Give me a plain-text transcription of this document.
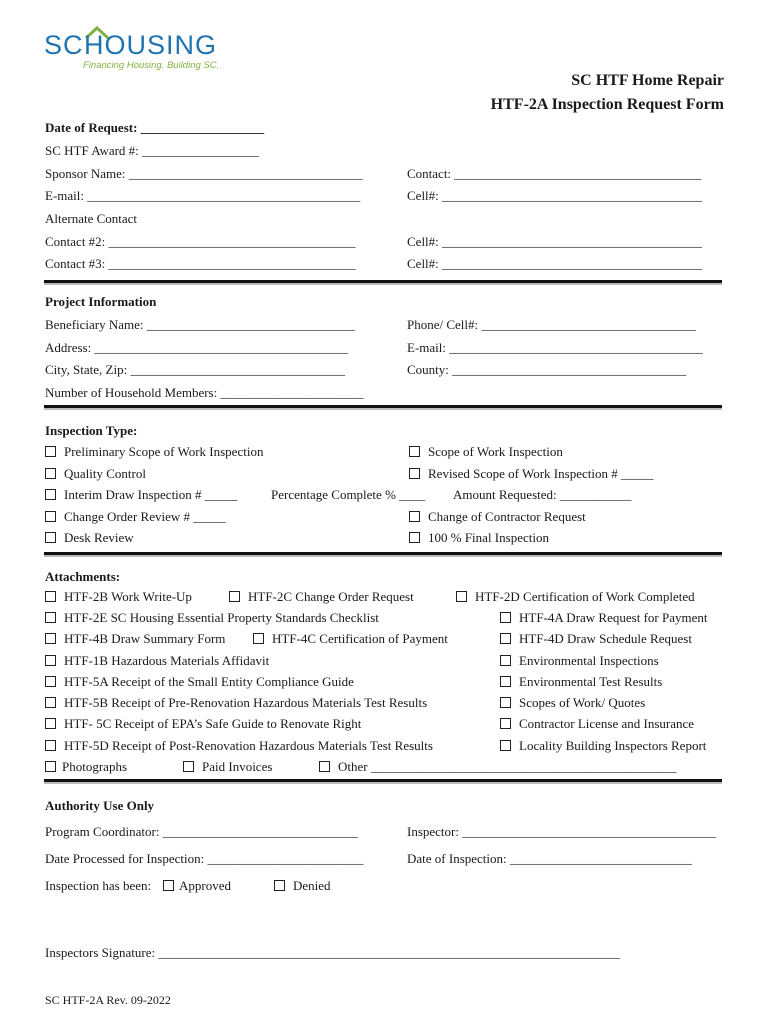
SC HOUSING
Financing Housing. Building SC.
SC HTF Home Repair
HTF-2A Inspection Request Form
Date of Request: ___________________
SC HTF Award #: __________________
Sponsor Name: ____________________________________	Contact: ______________________________________
E-mail: __________________________________________	Cell#: ________________________________________
Alternate Contact
Contact #2: ______________________________________	Cell#: ________________________________________
Contact #3: ______________________________________	Cell#: ________________________________________
Project Information
Beneficiary Name: ________________________________	Phone/ Cell#: _________________________________
Address: _______________________________________	E-mail: _______________________________________
City, State, Zip: _________________________________	County: ____________________________________
Number of Household Members: ______________________
Inspection Type:
Preliminary Scope of Work Inspection	Scope of Work Inspection
Quality Control	Revised Scope of Work Inspection # _____
Interim Draw Inspection # _____	Percentage Complete % ____ Amount Requested: ___________
Change Order Review # _____	Change of Contractor Request
Desk Review	100 % Final Inspection
Attachments:
HTF-2B Work Write-Up	HTF-2C Change Order Request	HTF-2D Certification of Work Completed
HTF-2E SC Housing Essential Property Standards Checklist	HTF-4A Draw Request for Payment
HTF-4B Draw Summary Form	HTF-4C Certification of Payment	HTF-4D Draw Schedule Request
HTF-1B Hazardous Materials Affidavit	Environmental Inspections
HTF-5A Receipt of the Small Entity Compliance Guide	Environmental Test Results
HTF-5B Receipt of Pre-Renovation Hazardous Materials Test Results	Scopes of Work/ Quotes
HTF- 5C Receipt of EPA’s Safe Guide to Renovate Right	Contractor License and Insurance
HTF-5D Receipt of Post-Renovation Hazardous Materials Test Results	Locality Building Inspectors Report
Photographs	Paid Invoices	Other _______________________________________________
Authority Use Only
Program Coordinator: ______________________________	Inspector: _______________________________________
Date Processed for Inspection: ________________________	Date of Inspection: ____________________________
Inspection has been:	Approved	Denied
Inspectors Signature: _______________________________________________________________________
SC HTF-2A Rev. 09-2022
